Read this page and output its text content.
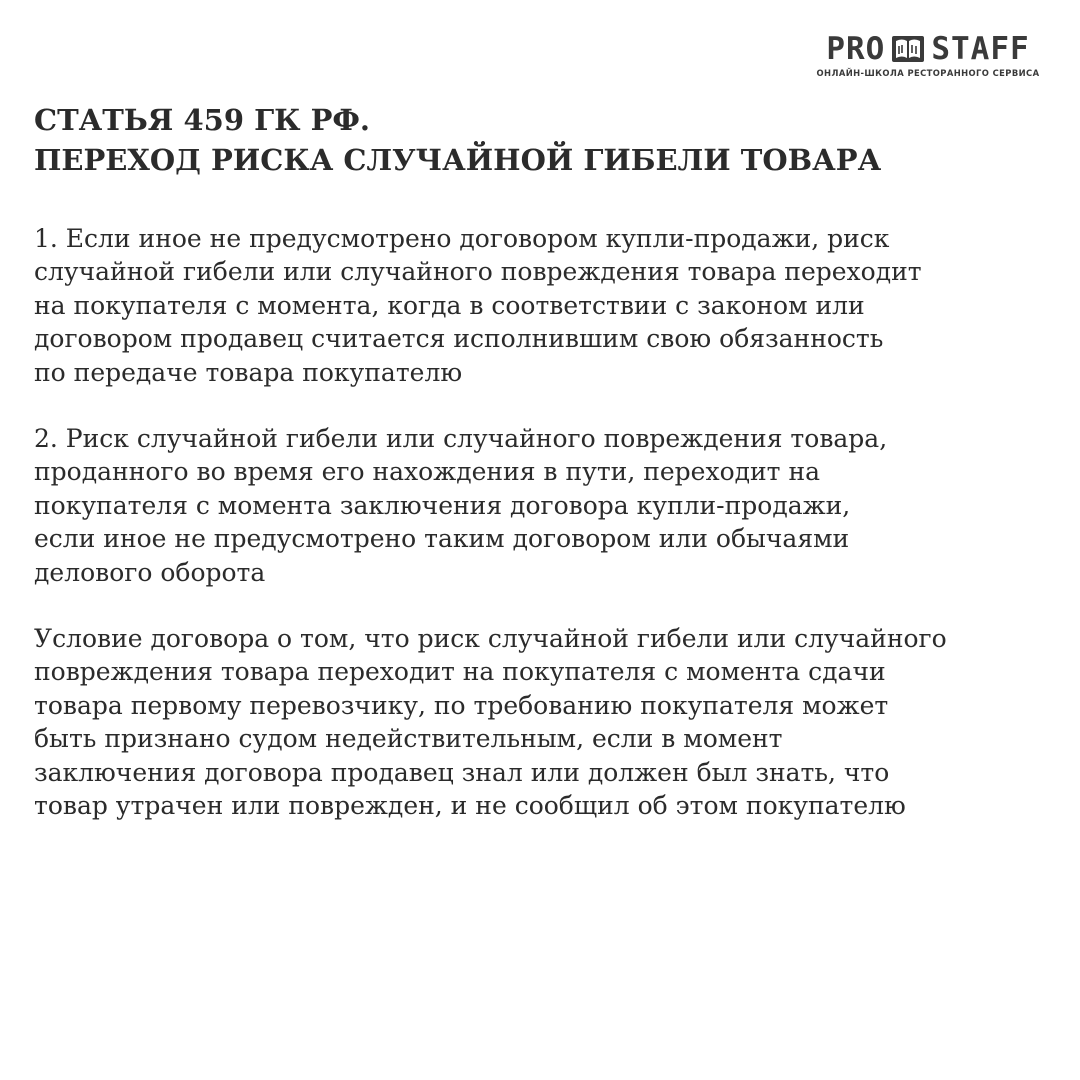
PRO STAFF
ОНЛАЙН-ШКОЛА РЕСТОРАННОГО СЕРВИСА
СТАТЬЯ 459 ГК РФ.
ПЕРЕХОД РИСКА СЛУЧАЙНОЙ ГИБЕЛИ ТОВАРА

1. Если иное не предусмотрено договором купли-продажи, риск
случайной гибели или случайного повреждения товара переходит
на покупателя с момента, когда в соответствии с законом или
договором продавец считается исполнившим свою обязанность
по передаче товара покупателю

2. Риск случайной гибели или случайного повреждения товара,
проданного во время его нахождения в пути, переходит на
покупателя с момента заключения договора купли-продажи,
если иное не предусмотрено таким договором или обычаями
делового оборота

Условие договора о том, что риск случайной гибели или случайного
повреждения товара переходит на покупателя с момента сдачи
товара первому перевозчику, по требованию покупателя может
быть признано судом недействительным, если в момент
заключения договора продавец знал или должен был знать, что
товар утрачен или поврежден, и не сообщил об этом покупателю
